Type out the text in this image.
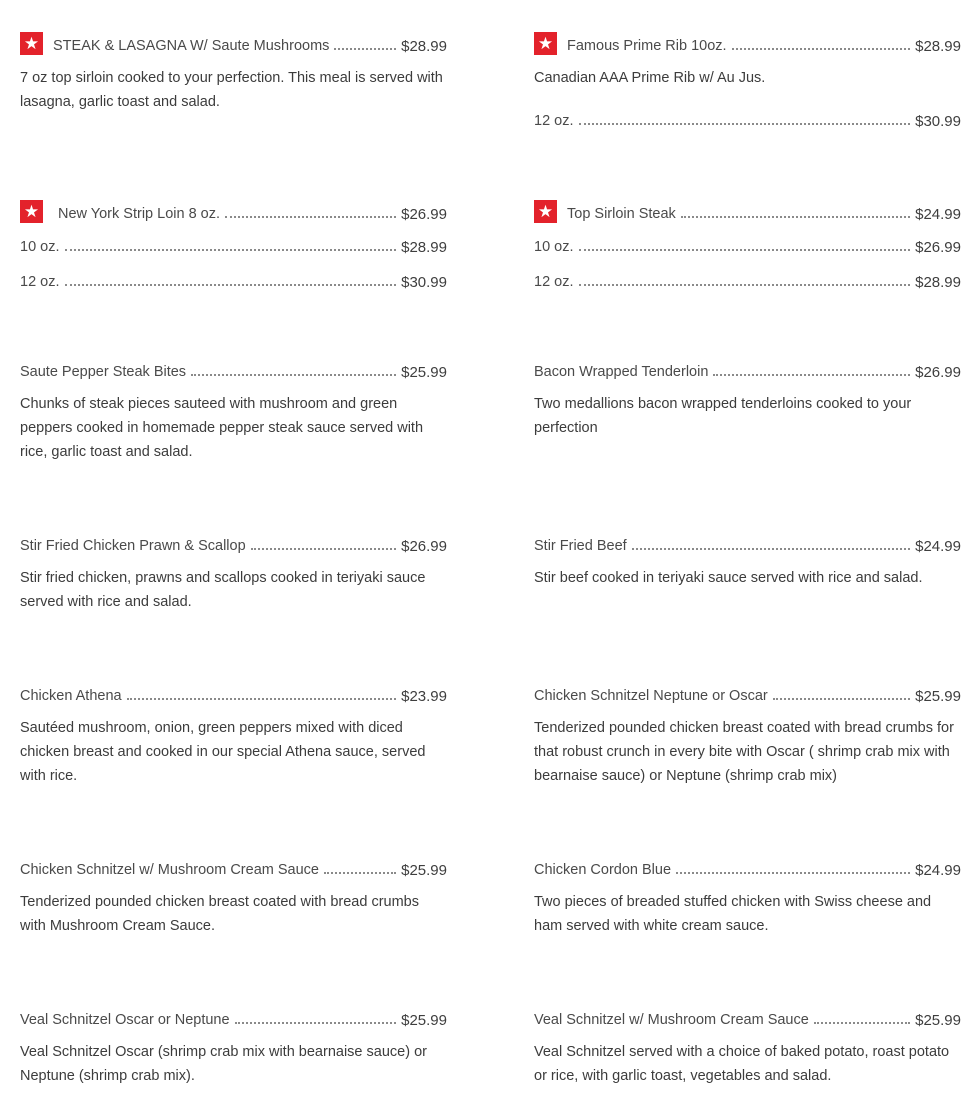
★ STEAK & LASAGNA W/ Saute Mushrooms	$28.99
7 oz top sirloin cooked to your perfection. This meal is served with lasagna, garlic toast and salad.
★ Famous Prime Rib 10oz.	$28.99
Canadian AAA Prime Rib w/ Au Jus.
12 oz.	$30.99
★ New York Strip Loin 8 oz.	$26.99
10 oz.	$28.99
12 oz.	$30.99
★ Top Sirloin Steak	$24.99
10 oz.	$26.99
12 oz.	$28.99
Saute Pepper Steak Bites	$25.99
Chunks of steak pieces sauteed with mushroom and green peppers cooked in homemade pepper steak sauce served with rice, garlic toast and salad.
Bacon Wrapped Tenderloin	$26.99
Two medallions bacon wrapped tenderloins cooked to your perfection
Stir Fried Chicken Prawn & Scallop	$26.99
Stir fried chicken, prawns and scallops cooked in teriyaki sauce served with rice and salad.
Stir Fried Beef	$24.99
Stir beef cooked in teriyaki sauce served with rice and salad.
Chicken Athena	$23.99
Sautéed mushroom, onion, green peppers mixed with diced chicken breast and cooked in our special Athena sauce, served with rice.
Chicken Schnitzel Neptune or Oscar	$25.99
Tenderized pounded chicken breast coated with bread crumbs for that robust crunch in every bite with Oscar ( shrimp crab mix with bearnaise sauce) or Neptune (shrimp crab mix)
Chicken Schnitzel w/ Mushroom Cream Sauce	$25.99
Tenderized pounded chicken breast coated with bread crumbs with Mushroom Cream Sauce.
Chicken Cordon Blue	$24.99
Two pieces of breaded stuffed chicken with Swiss cheese and ham served with white cream sauce.
Veal Schnitzel Oscar or Neptune	$25.99
Veal Schnitzel Oscar (shrimp crab mix with bearnaise sauce) or Neptune (shrimp crab mix).
Veal Schnitzel w/ Mushroom Cream Sauce	$25.99
Veal Schnitzel served with a choice of baked potato, roast potato or rice, with garlic toast, vegetables and salad.
